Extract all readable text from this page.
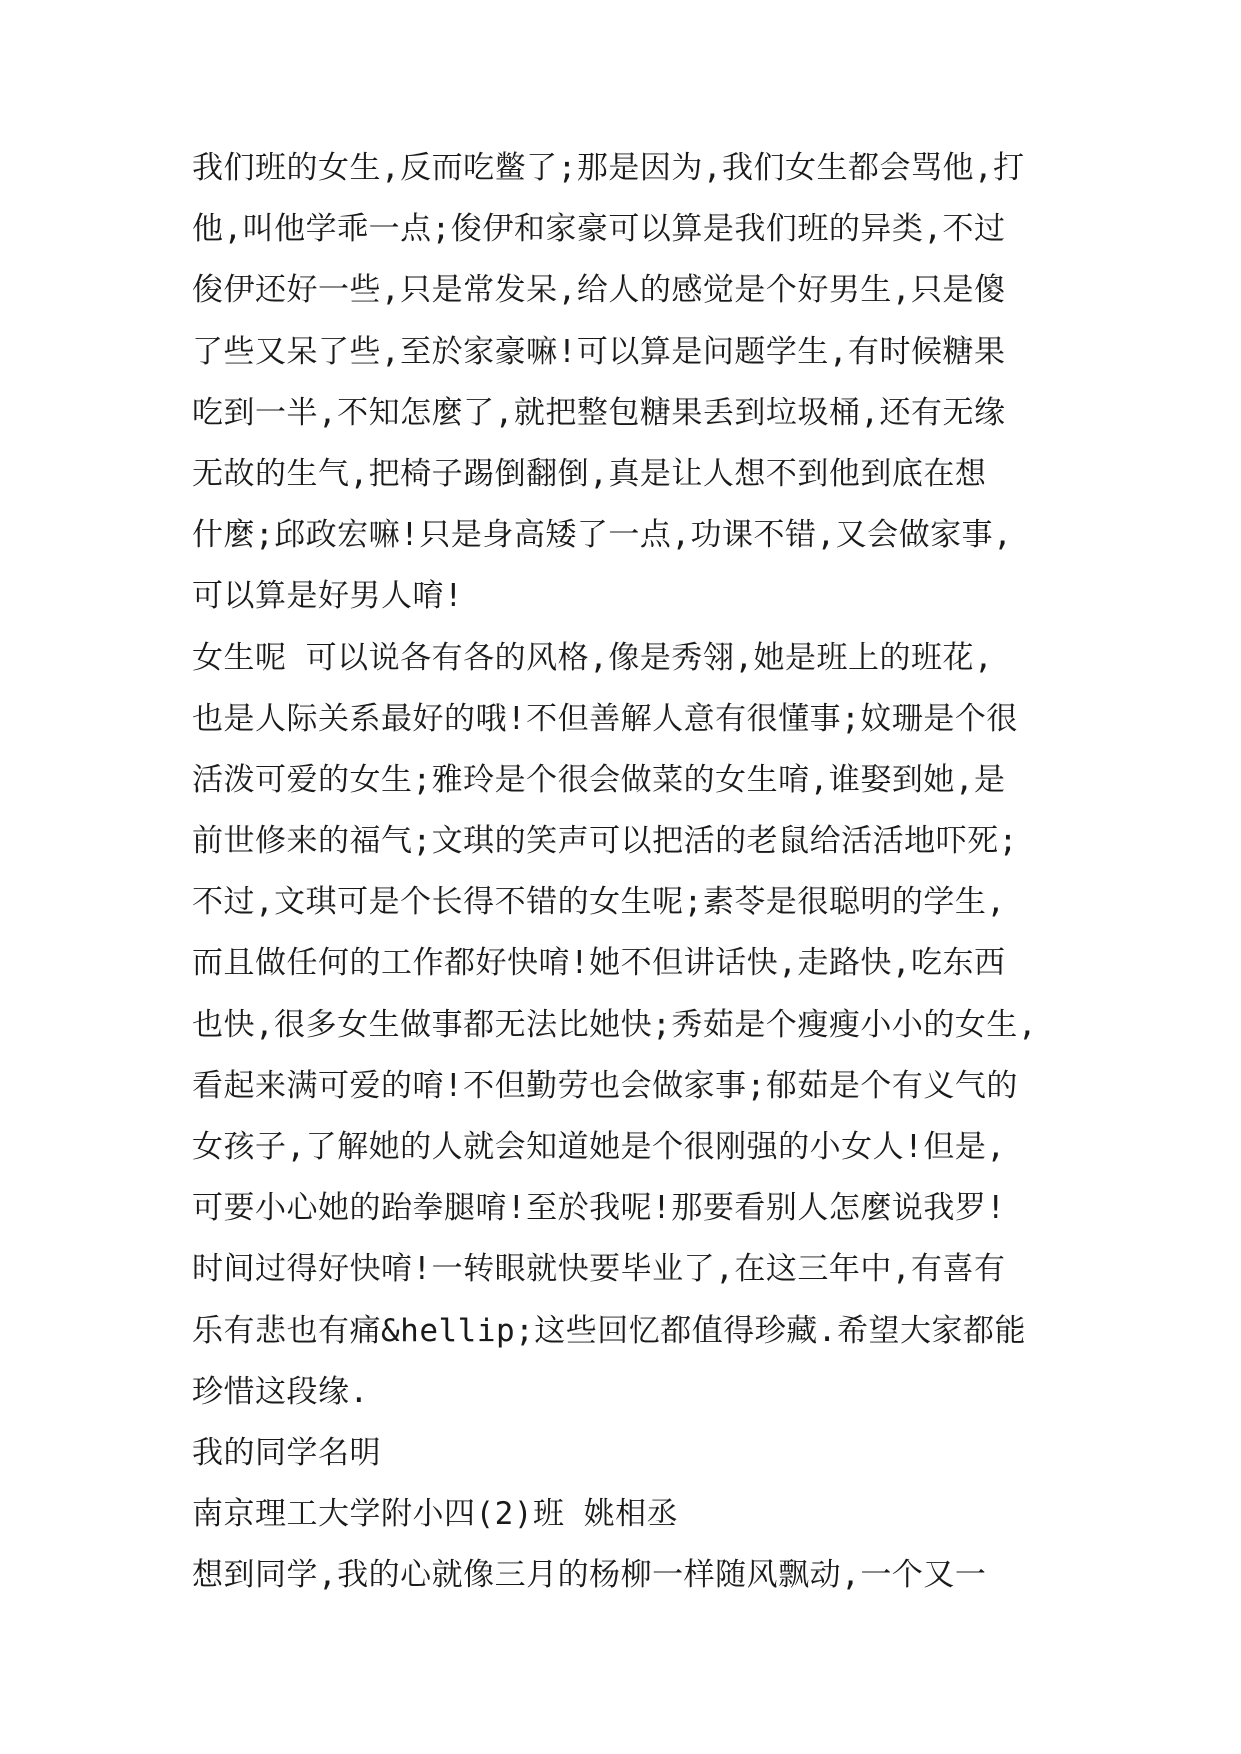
我们班的女生,反而吃鳖了;那是因为,我们女生都会骂他,打
他,叫他学乖一点;俊伊和家豪可以算是我们班的异类,不过
俊伊还好一些,只是常发呆,给人的感觉是个好男生,只是傻
了些又呆了些,至於家豪嘛!可以算是问题学生,有时候糖果
吃到一半,不知怎麼了,就把整包糖果丢到垃圾桶,还有无缘
无故的生气,把椅子踢倒翻倒,真是让人想不到他到底在想
什麼;邱政宏嘛!只是身高矮了一点,功课不错,又会做家事,
可以算是好男人唷!
女生呢 可以说各有各的风格,像是秀翎,她是班上的班花,
也是人际关系最好的哦!不但善解人意有很懂事;妏珊是个很
活泼可爱的女生;雅玲是个很会做菜的女生唷,谁娶到她,是
前世修来的福气;文琪的笑声可以把活的老鼠给活活地吓死;
不过,文琪可是个长得不错的女生呢;素苓是很聪明的学生,
而且做任何的工作都好快唷!她不但讲话快,走路快,吃东西
也快,很多女生做事都无法比她快;秀茹是个瘦瘦小小的女生,
看起来满可爱的唷!不但勤劳也会做家事;郁茹是个有义气的
女孩子,了解她的人就会知道她是个很刚强的小女人!但是,
可要小心她的跆拳腿唷!至於我呢!那要看别人怎麼说我罗!
时间过得好快唷!一转眼就快要毕业了,在这三年中,有喜有
乐有悲也有痛&hellip;这些回忆都值得珍藏.希望大家都能
珍惜这段缘.
我的同学名明
南京理工大学附小四(2)班 姚相丞
想到同学,我的心就像三月的杨柳一样随风飘动,一个又一
